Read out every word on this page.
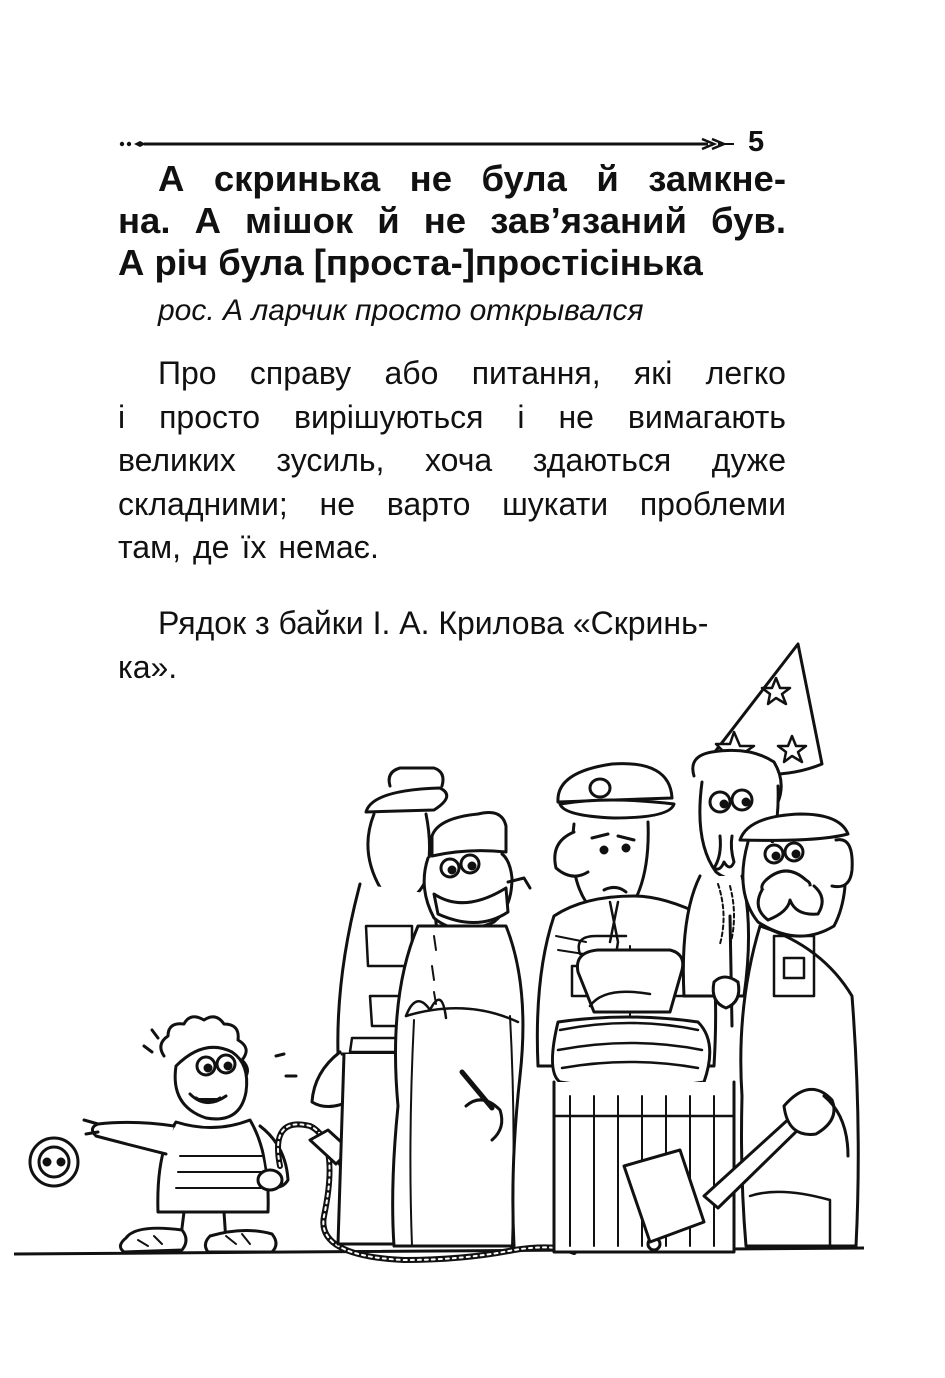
5
А скринька не була й замкне-
на. А мішок й не зав’язаний був.
А річ була [проста-]простісінька
рос. А ларчик просто открывался
Про справу або питання, які легко
і просто вирішуються і не вимагають
великих зусиль, хоча здаються дуже
складними; не варто шукати проблеми
там, де їх немає.
Рядок з байки І. А. Крилова «Скринь-
ка».
